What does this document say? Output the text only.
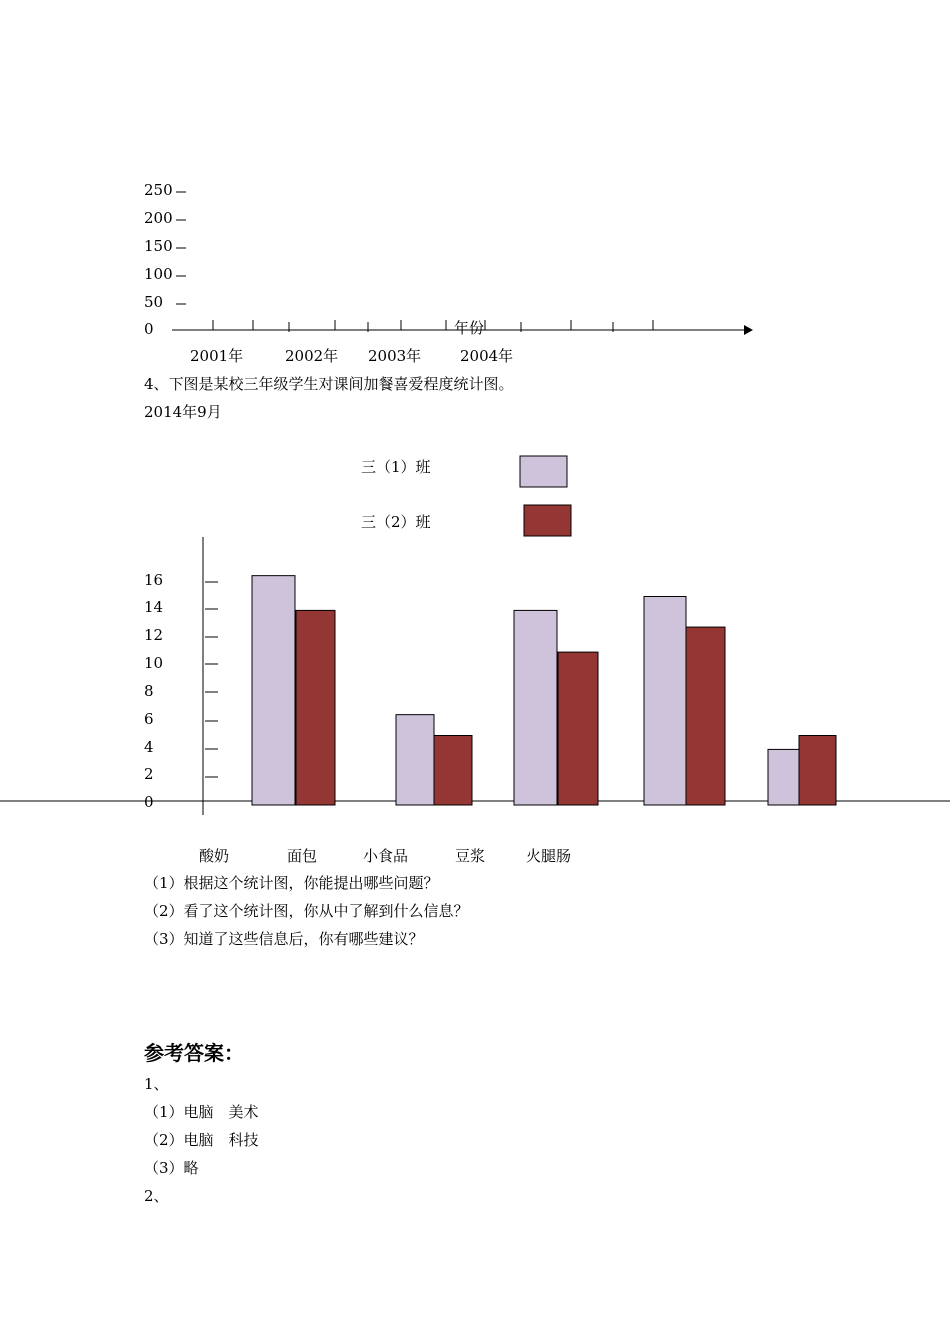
250
200
150
100
50
0	年份
2001年	2002年 2003年	2004年
4、下图是某校三年级学生对课间加餐喜爱程度统计图。
2014年9月
三（1）班
三（2）班
16
14
12
10
8
6
4
2
0
酸奶	面包	小食品	豆浆	火腿肠
（1）根据这个统计图，你能提出哪些问题？
（2）看了这个统计图，你从中了解到什么信息？
（3）知道了这些信息后，你有哪些建议？
参考答案：
1、
（1）电脑　美术
（2）电脑　科技
（3）略
2、
